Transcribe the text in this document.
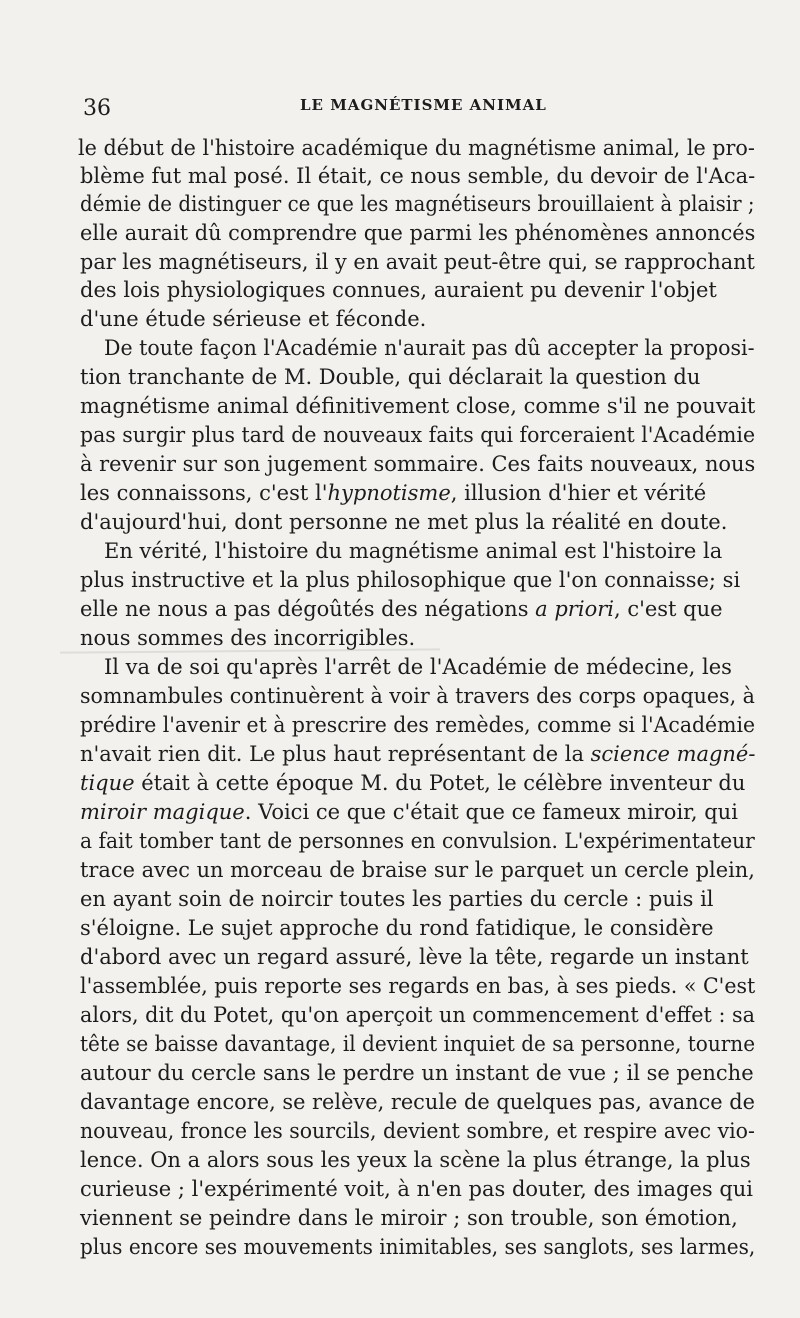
36	LE MAGNÉTISME ANIMAL
le début de l'histoire académique du magnétisme animal, le pro-
blème fut mal posé. Il était, ce nous semble, du devoir de l'Aca-
démie de distinguer ce que les magnétiseurs brouillaient à plaisir ;
elle aurait dû comprendre que parmi les phénomènes annoncés
par les magnétiseurs, il y en avait peut-être qui, se rapprochant
des lois physiologiques connues, auraient pu devenir l'objet
d'une étude sérieuse et féconde.
De toute façon l'Académie n'aurait pas dû accepter la proposi-
tion tranchante de M. Double, qui déclarait la question du
magnétisme animal définitivement close, comme s'il ne pouvait
pas surgir plus tard de nouveaux faits qui forceraient l'Académie
à revenir sur son jugement sommaire. Ces faits nouveaux, nous
les connaissons, c'est l'hypnotisme, illusion d'hier et vérité
d'aujourd'hui, dont personne ne met plus la réalité en doute.
En vérité, l'histoire du magnétisme animal est l'histoire la
plus instructive et la plus philosophique que l'on connaisse; si
elle ne nous a pas dégoûtés des négations a priori, c'est que
nous sommes des incorrigibles.
Il va de soi qu'après l'arrêt de l'Académie de médecine, les
somnambules continuèrent à voir à travers des corps opaques, à
prédire l'avenir et à prescrire des remèdes, comme si l'Académie
n'avait rien dit. Le plus haut représentant de la science magné-
tique était à cette époque M. du Potet, le célèbre inventeur du
miroir magique. Voici ce que c'était que ce fameux miroir, qui
a fait tomber tant de personnes en convulsion. L'expérimentateur
trace avec un morceau de braise sur le parquet un cercle plein,
en ayant soin de noircir toutes les parties du cercle : puis il
s'éloigne. Le sujet approche du rond fatidique, le considère
d'abord avec un regard assuré, lève la tête, regarde un instant
l'assemblée, puis reporte ses regards en bas, à ses pieds. « C'est
alors, dit du Potet, qu'on aperçoit un commencement d'effet : sa
tête se baisse davantage, il devient inquiet de sa personne, tourne
autour du cercle sans le perdre un instant de vue ; il se penche
davantage encore, se relève, recule de quelques pas, avance de
nouveau, fronce les sourcils, devient sombre, et respire avec vio-
lence. On a alors sous les yeux la scène la plus étrange, la plus
curieuse ; l'expérimenté voit, à n'en pas douter, des images qui
viennent se peindre dans le miroir ; son trouble, son émotion,
plus encore ses mouvements inimitables, ses sanglots, ses larmes,
